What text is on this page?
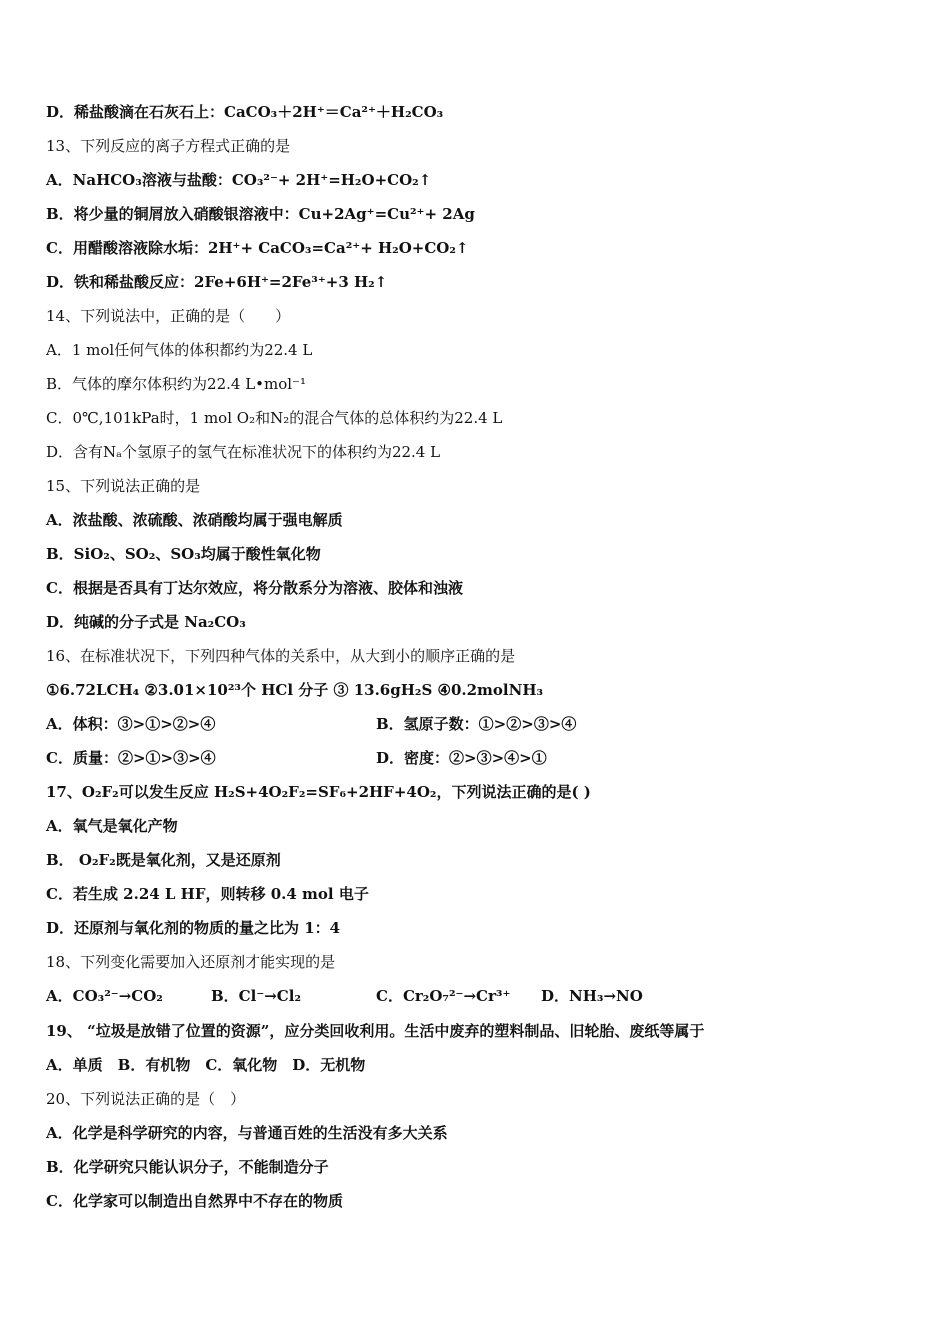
D．稀盐酸滴在石灰石上：CaCO₃＋2H⁺＝Ca²⁺＋H₂CO₃
13、下列反应的离子方程式正确的是
A．NaHCO₃溶液与盐酸：CO₃²⁻+ 2H⁺=H₂O+CO₂↑
B．将少量的铜屑放入硝酸银溶液中：Cu+2Ag⁺=Cu²⁺+ 2Ag
C．用醋酸溶液除水垢：2H⁺+ CaCO₃=Ca²⁺+ H₂O+CO₂↑
D．铁和稀盐酸反应：2Fe+6H⁺=2Fe³⁺+3 H₂↑
14、下列说法中，正确的是（　　）
A．1 mol任何气体的体积都约为22.4 L
B．气体的摩尔体积约为22.4 L•mol⁻¹
C．0℃,101kPa时，1 mol O₂和N₂的混合气体的总体积约为22.4 L
D．含有Nₐ个氢原子的氢气在标准状况下的体积约为22.4 L
15、下列说法正确的是
A．浓盐酸、浓硫酸、浓硝酸均属于强电解质
B．SiO₂、SO₂、SO₃均属于酸性氧化物
C．根据是否具有丁达尔效应，将分散系分为溶液、胶体和浊液
D．纯碱的分子式是 Na₂CO₃
16、在标准状况下，下列四种气体的关系中，从大到小的顺序正确的是
①6.72LCH₄ ②3.01×10²³个 HCl 分子 ③ 13.6gH₂S ④0.2molNH₃
A．体积：③>①>②>④	B．氢原子数：①>②>③>④
C．质量：②>①>③>④	D．密度：②>③>④>①
17、O₂F₂可以发生反应 H₂S+4O₂F₂=SF₆+2HF+4O₂，下列说法正确的是( )
A．氧气是氧化产物
B． O₂F₂既是氧化剂，又是还原剂
C．若生成 2.24 L HF，则转移 0.4 mol 电子
D．还原剂与氧化剂的物质的量之比为 1：4
18、下列变化需要加入还原剂才能实现的是
A．CO₃²⁻→CO₂	B．Cl⁻→Cl₂	C．Cr₂O₇²⁻→Cr³⁺ D．NH₃→NO
19、 “垃圾是放错了位置的资源”，应分类回收利用。生活中废弃的塑料制品、旧轮胎、废纸等属于
A．单质　B．有机物　C．氧化物　D．无机物
20、下列说法正确的是（　）
A．化学是科学研究的内容，与普通百姓的生活没有多大关系
B．化学研究只能认识分子，不能制造分子
C．化学家可以制造出自然界中不存在的物质
